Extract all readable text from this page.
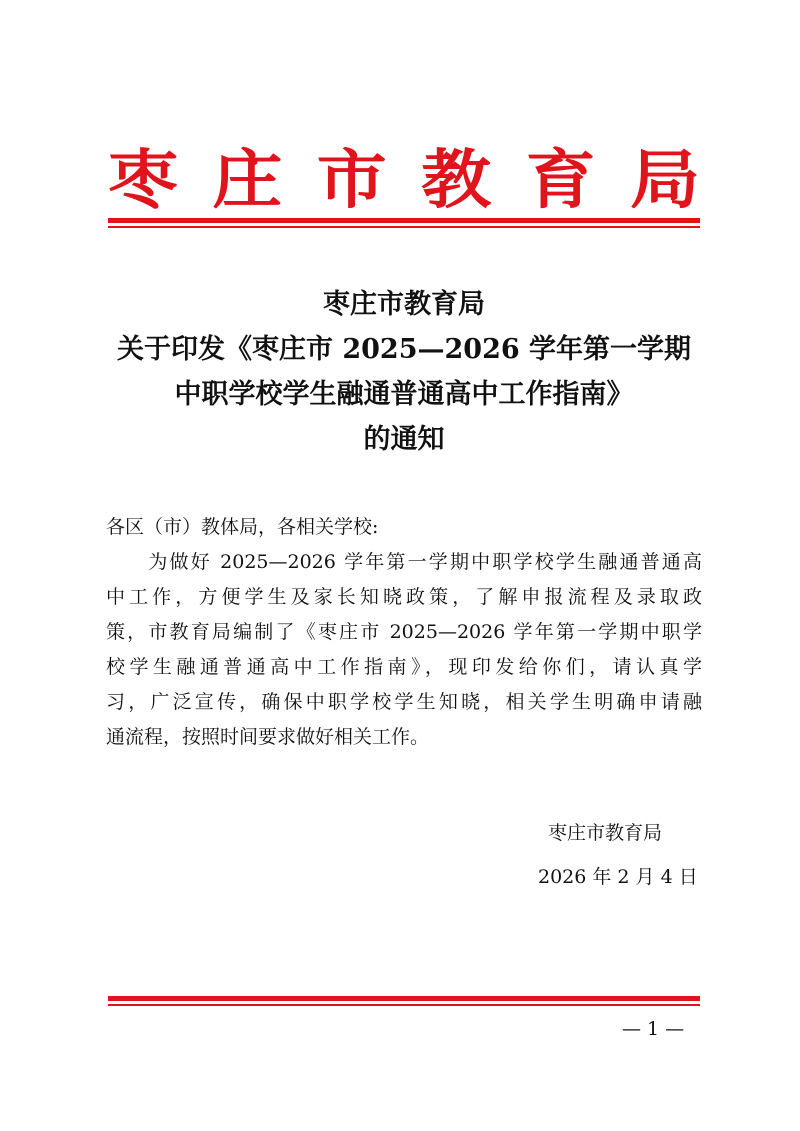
枣 庄 市 教 育 局
枣庄市教育局
关于印发《枣庄市 2025—2026 学年第一学期
中职学校学生融通普通高中工作指南》
的通知
各区（市）教体局，各相关学校:
　　为做好 2025—2026 学年第一学期中职学校学生融通普通高
中工作，方便学生及家长知晓政策，了解申报流程及录取政
策，市教育局编制了《枣庄市 2025—2026 学年第一学期中职学
校学生融通普通高中工作指南》，现印发给你们，请认真学
习，广泛宣传，确保中职学校学生知晓，相关学生明确申请融
通流程，按照时间要求做好相关工作。
枣庄市教育局
2026 年 2 月 4 日
— 1 —
